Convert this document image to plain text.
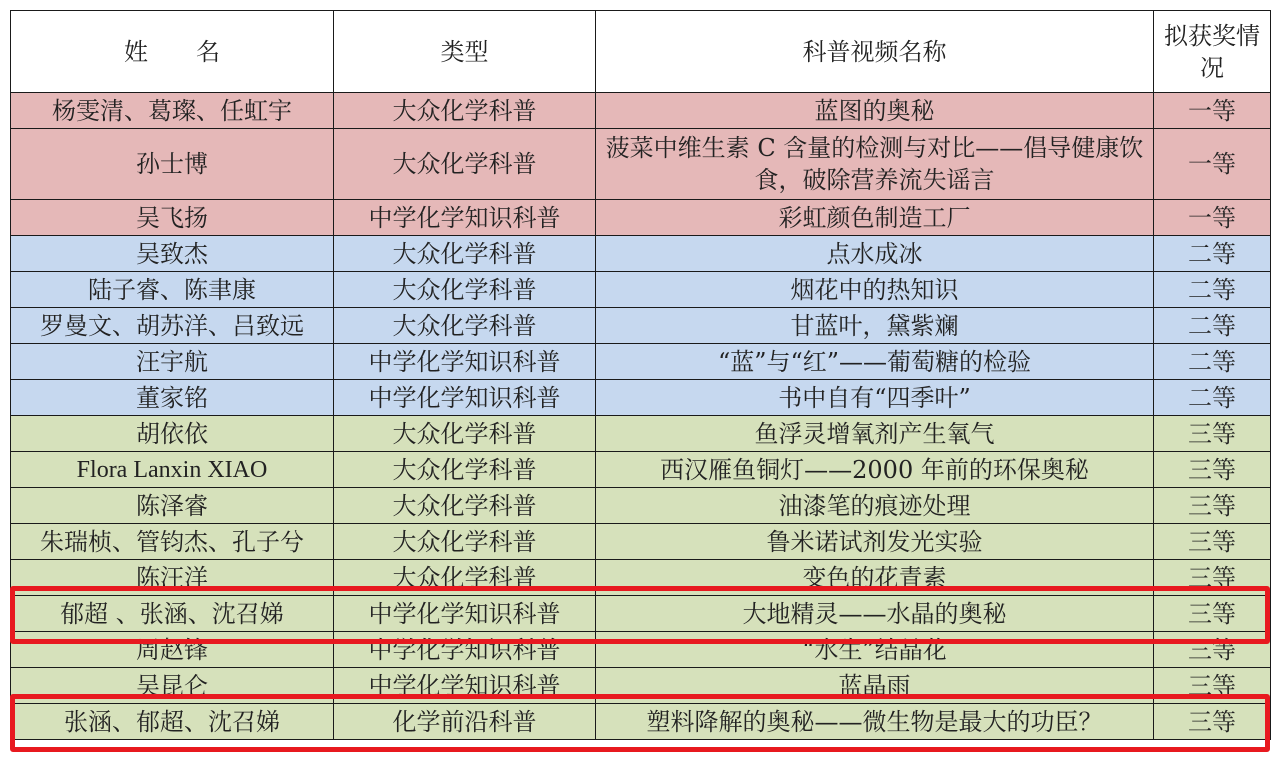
姓　　名	类型	科普视频名称	拟获奖情况
杨雯清、葛璨、任虹宇	大众化学科普	蓝图的奥秘	一等
孙士博	大众化学科普	菠菜中维生素 C 含量的检测与对比——倡导健康饮食，破除营养流失谣言	一等
吴飞扬	中学化学知识科普	彩虹颜色制造工厂	一等
吴致杰	大众化学科普	点水成冰	二等
陆子睿、陈聿康	大众化学科普	烟花中的热知识	二等
罗曼文、胡苏洋、吕致远	大众化学科普	甘蓝叶，黛紫斓	二等
汪宇航	中学化学知识科普	“蓝”与“红”——葡萄糖的检验	二等
董家铭	中学化学知识科普	书中自有“四季叶”	二等
胡依依	大众化学科普	鱼浮灵增氧剂产生氧气	三等
Flora Lanxin XIAO	大众化学科普	西汉雁鱼铜灯——2000 年前的环保奥秘	三等
陈泽睿	大众化学科普	油漆笔的痕迹处理	三等
朱瑞桢、管钧杰、孔子兮	大众化学科普	鲁米诺试剂发光实验	三等
陈汪洋	大众化学科普	变色的花青素	三等
郁超 、张涵、沈召娣	中学化学知识科普	大地精灵——水晶的奥秘	三等
周赵锋	中学化学知识科普	“水生”结晶花	三等
吴昆仑	中学化学知识科普	蓝晶雨	三等
张涵、郁超、沈召娣	化学前沿科普	塑料降解的奥秘——微生物是最大的功臣？	三等
